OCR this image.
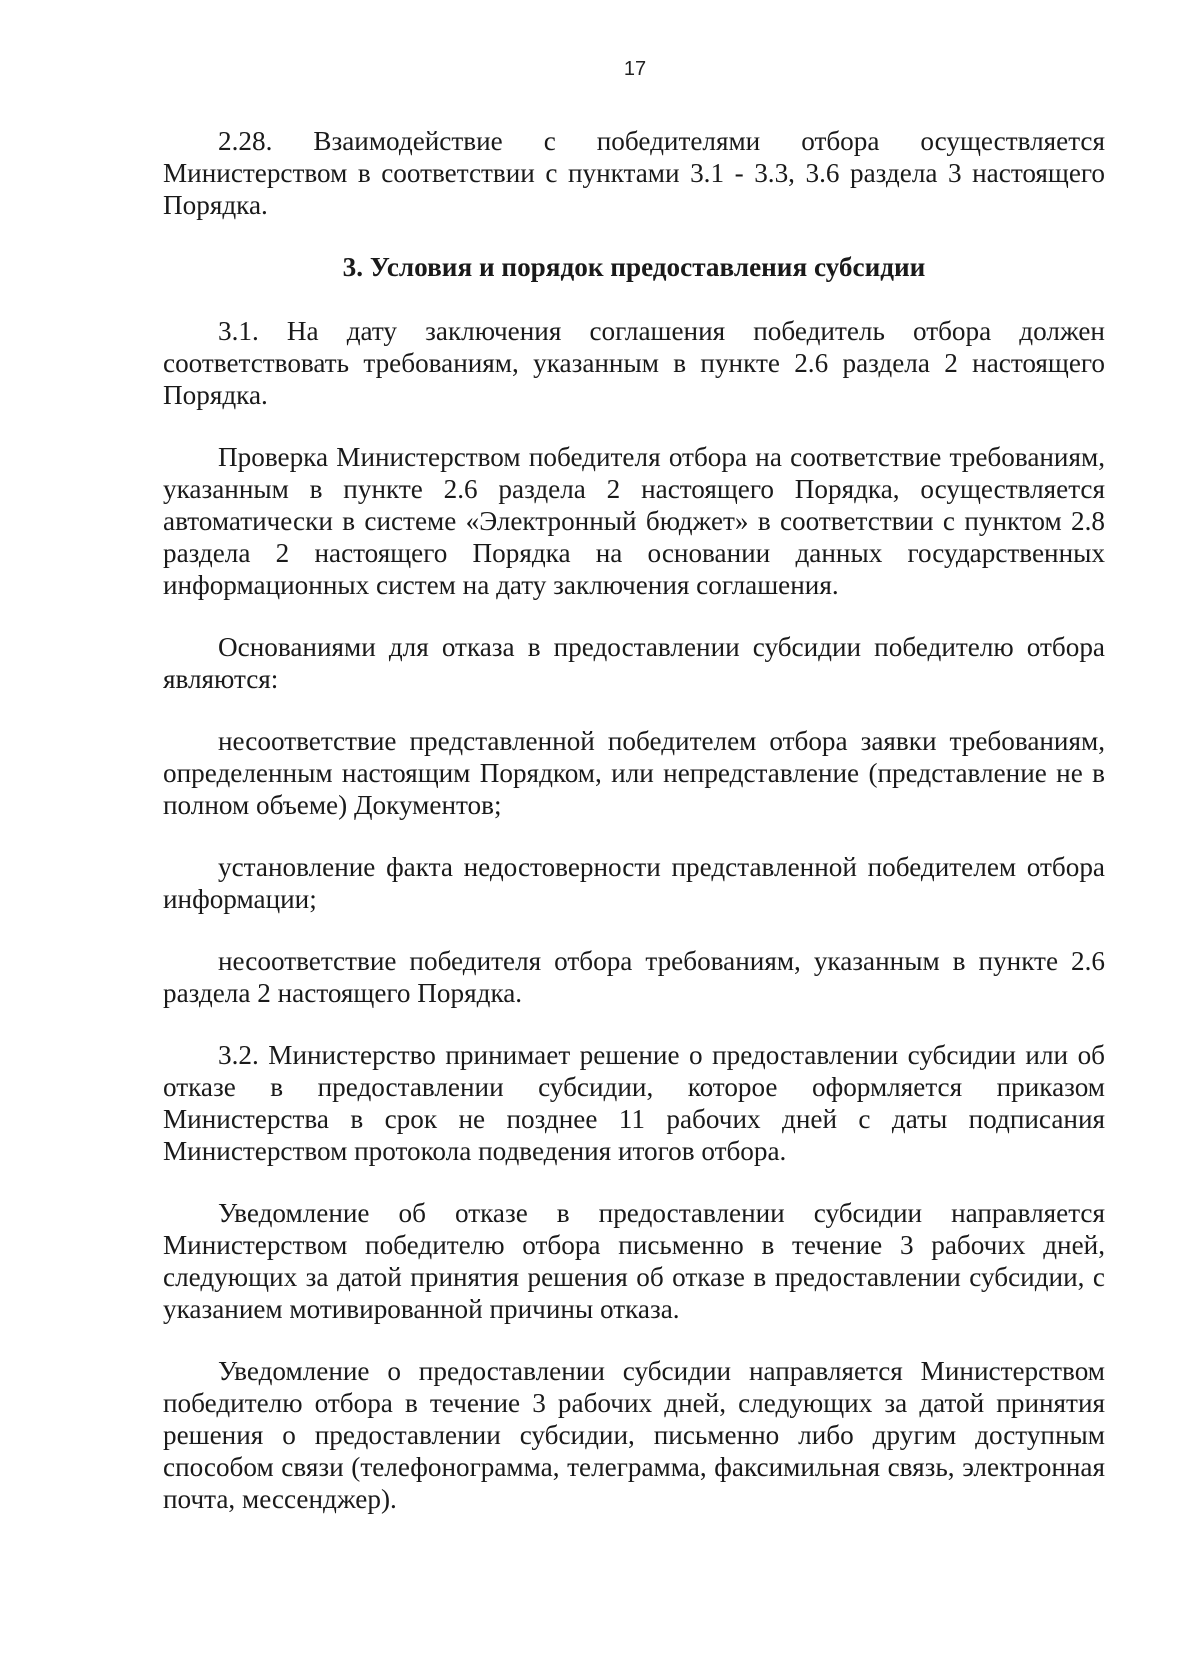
17

2.28. Взаимодействие с победителями отбора осуществляется Министерством в соответствии с пунктами 3.1 - 3.3, 3.6 раздела 3 настоящего Порядка.

3. Условия и порядок предоставления субсидии

3.1. На дату заключения соглашения победитель отбора должен соответствовать требованиям, указанным в пункте 2.6 раздела 2 настоящего Порядка.

Проверка Министерством победителя отбора на соответствие требованиям, указанным в пункте 2.6 раздела 2 настоящего Порядка, осуществляется автоматически в системе «Электронный бюджет» в соответствии с пунктом 2.8 раздела 2 настоящего Порядка на основании данных государственных информационных систем на дату заключения соглашения.

Основаниями для отказа в предоставлении субсидии победителю отбора являются:

несоответствие представленной победителем отбора заявки требованиям, определенным настоящим Порядком, или непредставление (представление не в полном объеме) Документов;

установление факта недостоверности представленной победителем отбора информации;

несоответствие победителя отбора требованиям, указанным в пункте 2.6 раздела 2 настоящего Порядка.

3.2. Министерство принимает решение о предоставлении субсидии или об отказе в предоставлении субсидии, которое оформляется приказом Министерства в срок не позднее 11 рабочих дней с даты подписания Министерством протокола подведения итогов отбора.

Уведомление об отказе в предоставлении субсидии направляется Министерством победителю отбора письменно в течение 3 рабочих дней, следующих за датой принятия решения об отказе в предоставлении субсидии, с указанием мотивированной причины отказа.

Уведомление о предоставлении субсидии направляется Министерством победителю отбора в течение 3 рабочих дней, следующих за датой принятия решения о предоставлении субсидии, письменно либо другим доступным способом связи (телефонограмма, телеграмма, факсимильная связь, электронная почта, мессенджер).
